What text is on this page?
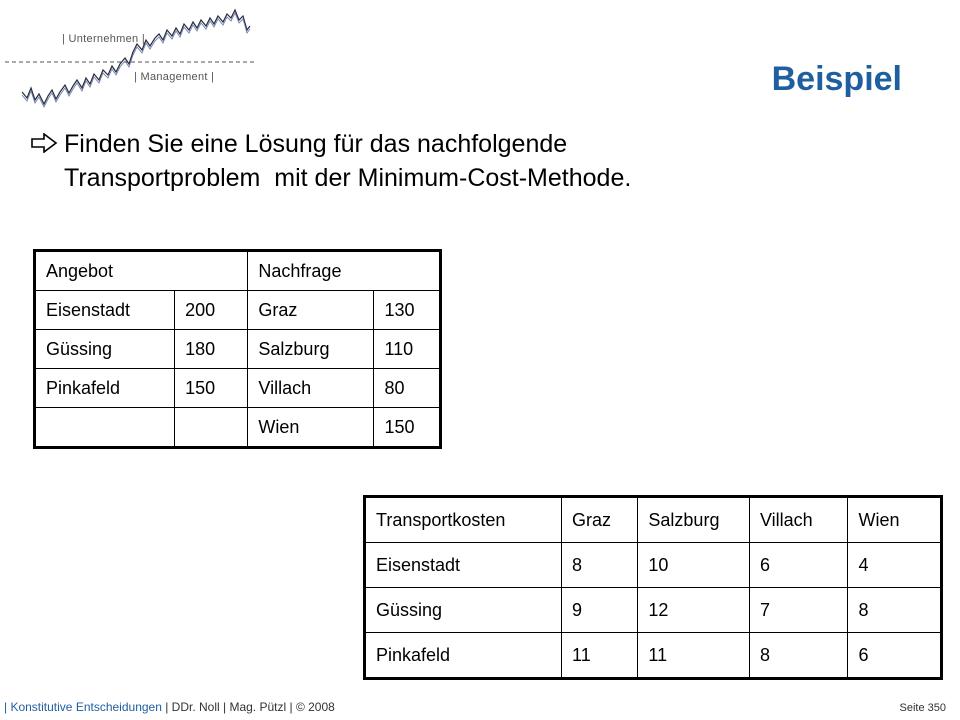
| Unternehmen |
| Management |	Beispiel
Finden Sie eine Lösung für das nachfolgende
Transportproblem  mit der Minimum-Cost-Methode.
Angebot		Nachfrage	
Eisenstadt	200	Graz	130
Güssing	180	Salzburg	110
Pinkafeld	150	Villach	80
		Wien	150
Transportkosten	Graz	Salzburg	Villach	Wien
Eisenstadt	8	10	6	4
Güssing	9	12	7	8
Pinkafeld	11	11	8	6
| Konstitutive Entscheidungen | DDr. Noll | Mag. Pützl | © 2008	Seite 350
